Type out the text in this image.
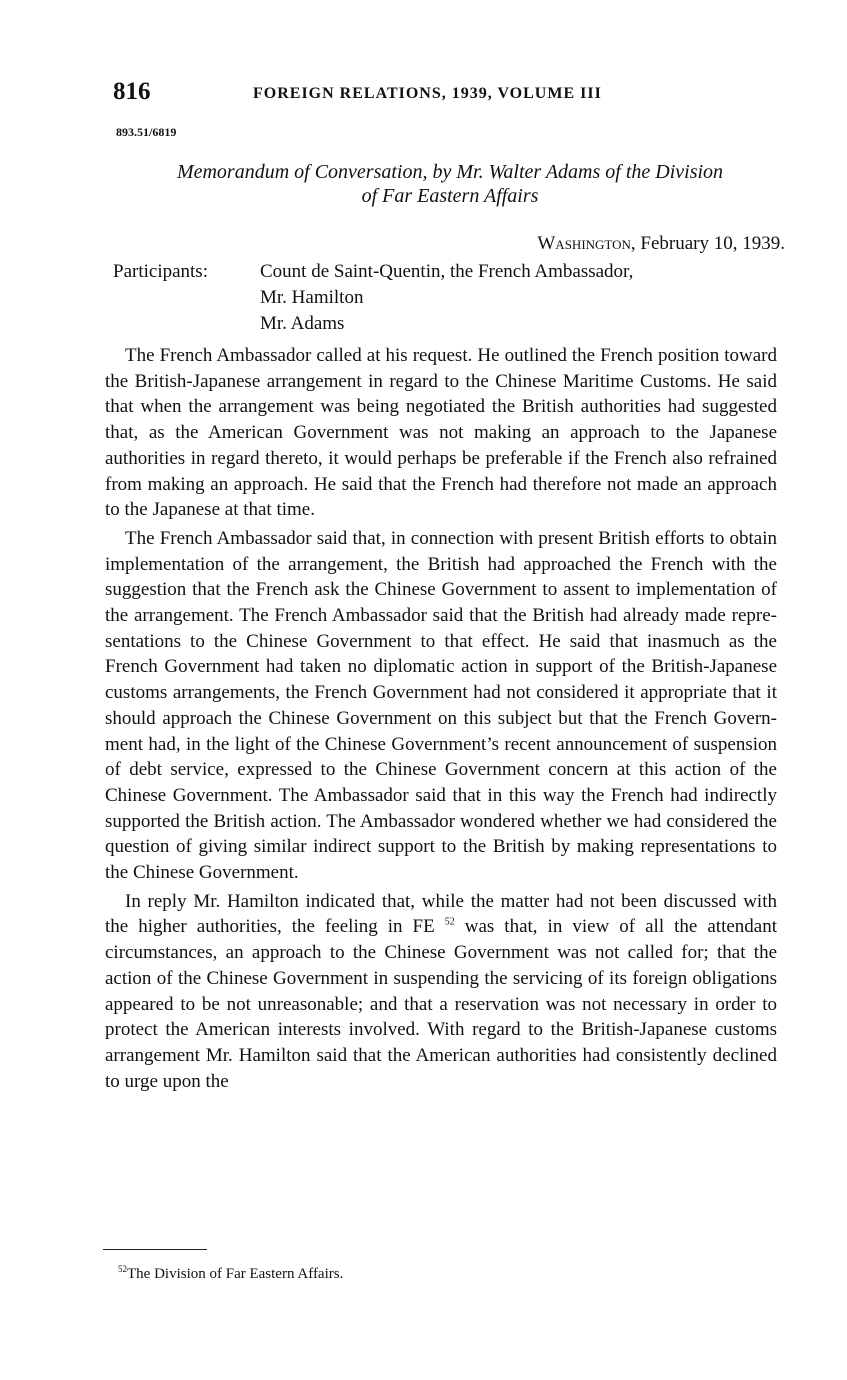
816	FOREIGN RELATIONS, 1939, VOLUME III
893.51/6819
Memorandum of Conversation, by Mr. Walter Adams of the Division
of Far Eastern Affairs
Washington, February 10, 1939.
Participants:	Count de Saint-Quentin, the French Ambassador,
Mr. Hamilton
Mr. Adams

The French Ambassador called at his request. He outlined the French position toward the British-Japanese arrangement in regard to the Chinese Maritime Customs. He said that when the arrangement was being negotiated the British authorities had suggested that, as the American Government was not making an approach to the Japanese authorities in regard thereto, it would perhaps be preferable if the French also refrained from making an approach. He said that the French had therefore not made an approach to the Japanese at that time.

The French Ambassador said that, in connection with present British efforts to obtain implementation of the arrangement, the British had approached the French with the suggestion that the French ask the Chinese Government to assent to implementation of the arrangement. The French Ambassador said that the British had already made representations to the Chinese Government to that effect. He said that inasmuch as the French Government had taken no diplomatic action in support of the British-Japanese customs arrangements, the French Government had not considered it appropriate that it should approach the Chinese Government on this subject but that the French Government had, in the light of the Chinese Government’s recent announcement of suspension of debt service, expressed to the Chinese Government concern at this action of the Chinese Government. The Ambassador said that in this way the French had indirectly supported the British action. The Ambassador wondered whether we had considered the question of giving similar indirect support to the British by making representations to the Chinese Government.

In reply Mr. Hamilton indicated that, while the matter had not been discussed with the higher authorities, the feeling in FE $^{52}$ was that, in view of all the attendant circumstances, an approach to the Chinese Government was not called for; that the action of the Chinese Government in suspending the servicing of its foreign obligations appeared to be not unreasonable; and that a reservation was not necessary in order to protect the American interests involved. With regard to the British-Japanese customs arrangement Mr. Hamilton said that the American authorities had consistently declined to urge upon the

$^{52}$The Division of Far Eastern Affairs.
